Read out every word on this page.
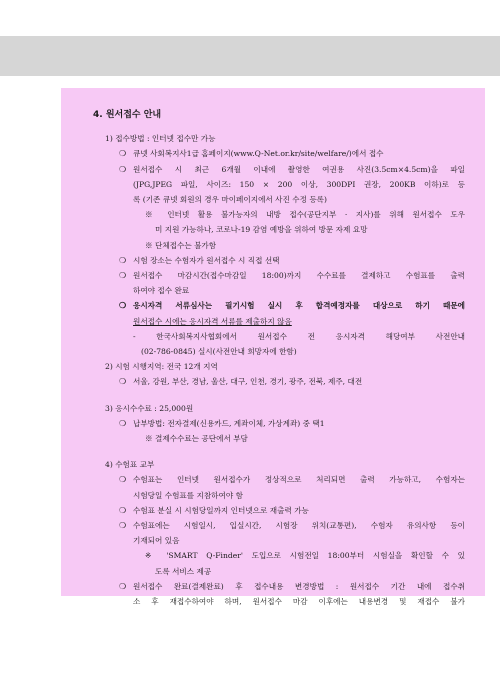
4. 원서접수 안내
1) 접수방법 : 인터넷 접수만 가능
❍ 큐넷 사회복지사1급 홈페이지(www.Q-Net.or.kr/site/welfare/)에서 접수
❍ 원서접수 시 최근 6개월 이내에 촬영한 여권용 사진(3.5cm×4.5cm)을 파일
(JPG,JPEG 파일, 사이즈: 150 × 200 이상, 300DPI 권장, 200KB 이하)로 등
록 (기존 큐넷 회원의 경우 마이페이지에서 사진 수정 등록)
※ 인터넷 활용 불가능자의 내방 접수(공단지부 · 지사)를 위해 원서접수 도우
미 지원 가능하나, 코로나-19 감염 예방을 위하여 방문 자제 요망
※ 단체접수는 불가함
❍ 시험 장소는 수험자가 원서접수 시 직접 선택
❍ 원서접수 마감시간(접수마감일 18:00)까지 수수료를 결제하고 수험표를 출력
하여야 접수 완료
❍ 응시자격 서류심사는 필기시험 실시 후 합격예정자를 대상으로 하기 때문에
원서접수 시에는 응시자격 서류를 제출하지 않음
- 한국사회복지사협회에서 원서접수 전 응시자격 해당여부 사전안내
(02-786-0845) 실시(사전안내 희망자에 한함)
2) 시험 시행지역: 전국 12개 지역
❍ 서울, 강원, 부산, 경남, 울산, 대구, 인천, 경기, 광주, 전북, 제주, 대전
3) 응시수수료 : 25,000원
❍ 납부방법: 전자결제(신용카드, 계좌이체, 가상계좌) 중 택1
※ 결제수수료는 공단에서 부담
4) 수험표 교부
❍ 수험표는 인터넷 원서접수가 정상적으로 처리되면 출력 가능하고, 수험자는
시험당일 수험표를 지참하여야 함
❍ 수험표 분실 시 시험당일까지 인터넷으로 재출력 가능
❍ 수험표에는 시험일시, 입실시간, 시험장 위치(교통편), 수험자 유의사항 등이
기재되어 있음
※ 'SMART Q-Finder' 도입으로 시험전일 18:00부터 시험실을 확인할 수 있
도록 서비스 제공
❍ 원서접수 완료(결제완료) 후 접수내용 변경방법 : 원서접수 기간 내에 접수취
소 후 재접수하여야 하며, 원서접수 마감 이후에는 내용변경 및 재접수 불가
